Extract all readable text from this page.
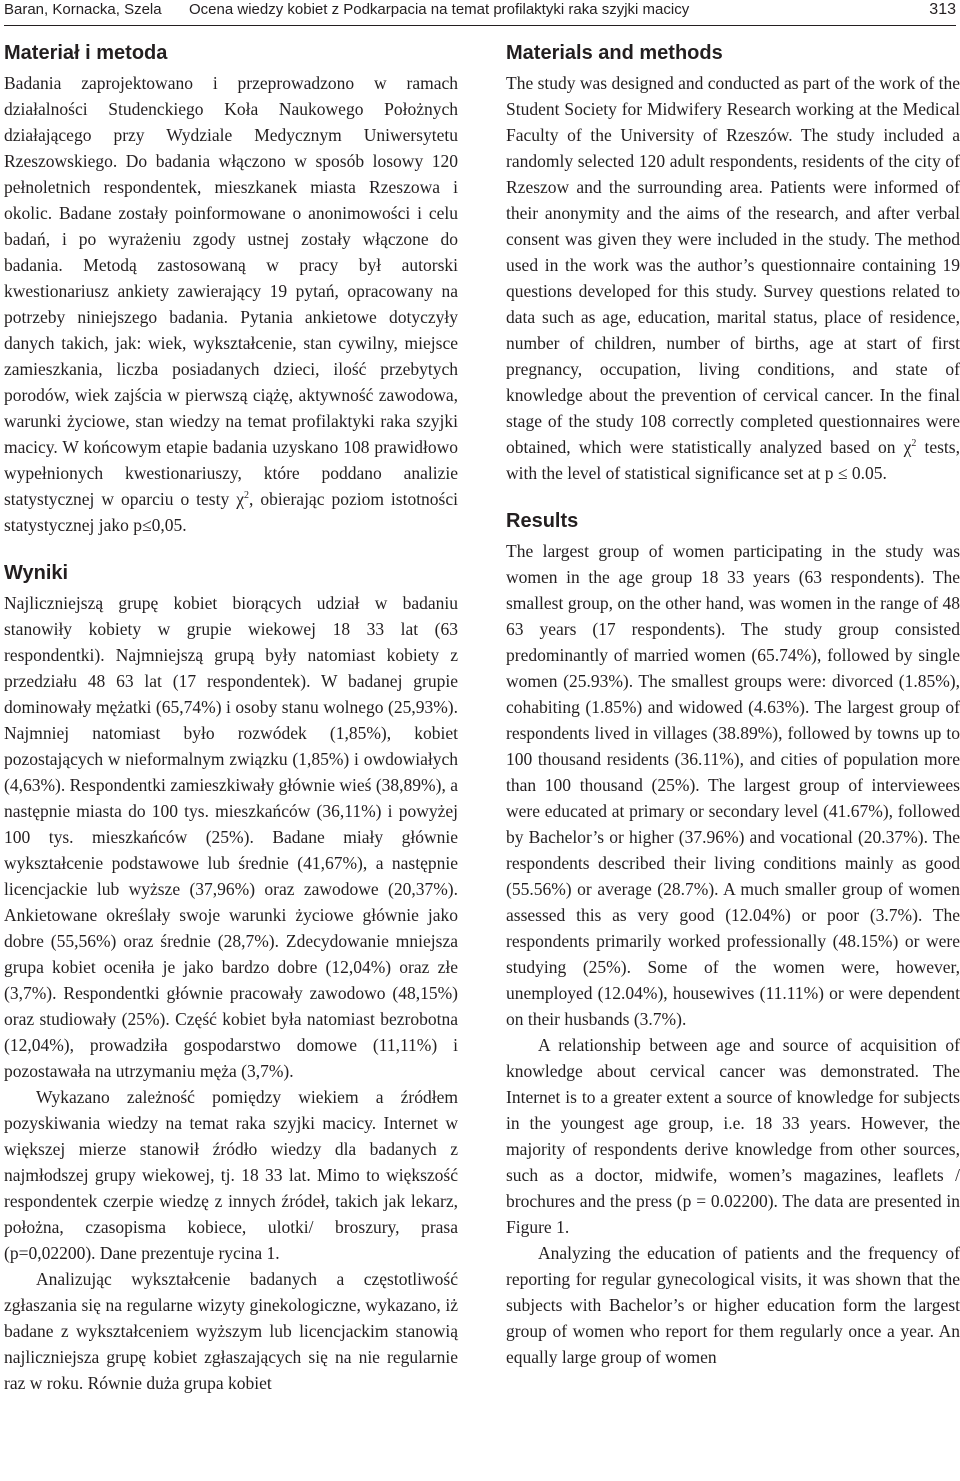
Baran, Kornacka, Szela Ocena wiedzy kobiet z Podkarpacia na temat profilaktyki raka szyjki macicy	313
Materiał i metoda

Badania zaprojektowano i przeprowadzono w ramach działalności Studenckiego Koła Naukowego Położnych działającego przy Wydziale Medycznym Uniwersytetu Rzeszowskiego. Do badania włączono w sposób losowy 120 pełnoletnich respondentek, mieszkanek miasta Rzeszowa i okolic. Badane zostały poinformowane o anonimowości i celu badań, i po wyrażeniu zgody ustnej zostały włączone do badania. Metodą zastosowaną w pracy był autorski kwestionariusz ankiety zawierający 19 pytań, opracowany na potrzeby niniejszego badania. Pytania ankietowe dotyczyły danych takich, jak: wiek, wykształcenie, stan cywilny, miejsce zamieszkania, liczba posiadanych dzieci, ilość przebytych porodów, wiek zajścia w pierwszą ciążę, aktywność zawodowa, warunki życiowe, stan wiedzy na temat profilaktyki raka szyjki macicy. W końcowym etapie badania uzyskano 108 prawidłowo wypełnionych kwestionariuszy, które poddano analizie statystycznej w oparciu o testy $\chi^2$, obierając poziom istotności statystycznej jako p≤0,05.

Wyniki

Najliczniejszą grupę kobiet biorących udział w badaniu stanowiły kobiety w grupie wiekowej 18 33 lat (63 respondentki). Najmniejszą grupą były natomiast kobiety z przedziału 48 63 lat (17 respondentek). W badanej grupie dominowały mężatki (65,74%) i osoby stanu wolnego (25,93%). Najmniej natomiast było rozwódek (1,85%), kobiet pozostających w nieformalnym związku (1,85%) i owdowiałych (4,63%). Respondentki zamieszkiwały głównie wieś (38,89%), a następnie miasta do 100 tys. mieszkańców (36,11%) i powyżej 100 tys. mieszkańców (25%). Badane miały głównie wykształcenie podstawowe lub średnie (41,67%), a następnie licencjackie lub wyższe (37,96%) oraz zawodowe (20,37%). Ankietowane określały swoje warunki życiowe głównie jako dobre (55,56%) oraz średnie (28,7%). Zdecydowanie mniejsza grupa kobiet oceniła je jako bardzo dobre (12,04%) oraz złe (3,7%). Respondentki głównie pracowały zawodowo (48,15%) oraz studiowały (25%). Część kobiet była natomiast bezrobotna (12,04%), prowadziła gospodarstwo domowe (11,11%) i pozostawała na utrzymaniu męża (3,7%).

Wykazano zależność pomiędzy wiekiem a źródłem pozyskiwania wiedzy na temat raka szyjki macicy. Internet w większej mierze stanowił źródło wiedzy dla badanych z najmłodszej grupy wiekowej, tj. 18 33 lat. Mimo to większość respondentek czerpie wiedzę z innych źródeł, takich jak lekarz, położna, czasopisma kobiece, ulotki/ broszury, prasa (p=0,02200). Dane prezentuje rycina 1.

Analizując wykształcenie badanych a częstotliwość zgłaszania się na regularne wizyty ginekologiczne, wykazano, iż badane z wykształceniem wyższym lub licencjackim stanowią najliczniejsza grupę kobiet zgłaszających się na nie regularnie raz w roku. Równie duża grupa kobiet

Materials and methods

The study was designed and conducted as part of the work of the Student Society for Midwifery Research working at the Medical Faculty of the University of Rzeszów. The study included a randomly selected 120 adult respondents, residents of the city of Rzeszow and the surrounding area. Patients were informed of their anonymity and the aims of the research, and after verbal consent was given they were included in the study. The method used in the work was the author’s questionnaire containing 19 questions developed for this study. Survey questions related to data such as age, education, marital status, place of residence, number of children, number of births, age at start of first pregnancy, occupation, living conditions, and state of knowledge about the prevention of cervical cancer. In the final stage of the study 108 correctly completed questionnaires were obtained, which were statistically analyzed based on $\chi^2$ tests, with the level of statistical significance set at p ≤ 0.05.

Results

The largest group of women participating in the study was women in the age group 18 33 years (63 respondents). The smallest group, on the other hand, was women in the range of 48 63 years (17 respondents). The study group consisted predominantly of married women (65.74%), followed by single women (25.93%). The smallest groups were: divorced (1.85%), cohabiting (1.85%) and widowed (4.63%). The largest group of respondents lived in villages (38.89%), followed by towns up to 100 thousand residents (36.11%), and cities of population more than 100 thousand (25%). The largest group of interviewees were educated at primary or secondary level (41.67%), followed by Bachelor’s or higher (37.96%) and vocational (20.37%). The respondents described their living conditions mainly as good (55.56%) or average (28.7%). A much smaller group of women assessed this as very good (12.04%) or poor (3.7%). The respondents primarily worked professionally (48.15%) or were studying (25%). Some of the women were, however, unemployed (12.04%), housewives (11.11%) or were dependent on their husbands (3.7%).

A relationship between age and source of acquisition of knowledge about cervical cancer was demonstrated. The Internet is to a greater extent a source of knowledge for subjects in the youngest age group, i.e. 18 33 years. However, the majority of respondents derive knowledge from other sources, such as a doctor, midwife, women’s magazines, leaflets / brochures and the press (p = 0.02200). The data are presented in Figure 1.

Analyzing the education of patients and the frequency of reporting for regular gynecological visits, it was shown that the subjects with Bachelor’s or higher education form the largest group of women who report for them regularly once a year. An equally large group of women
